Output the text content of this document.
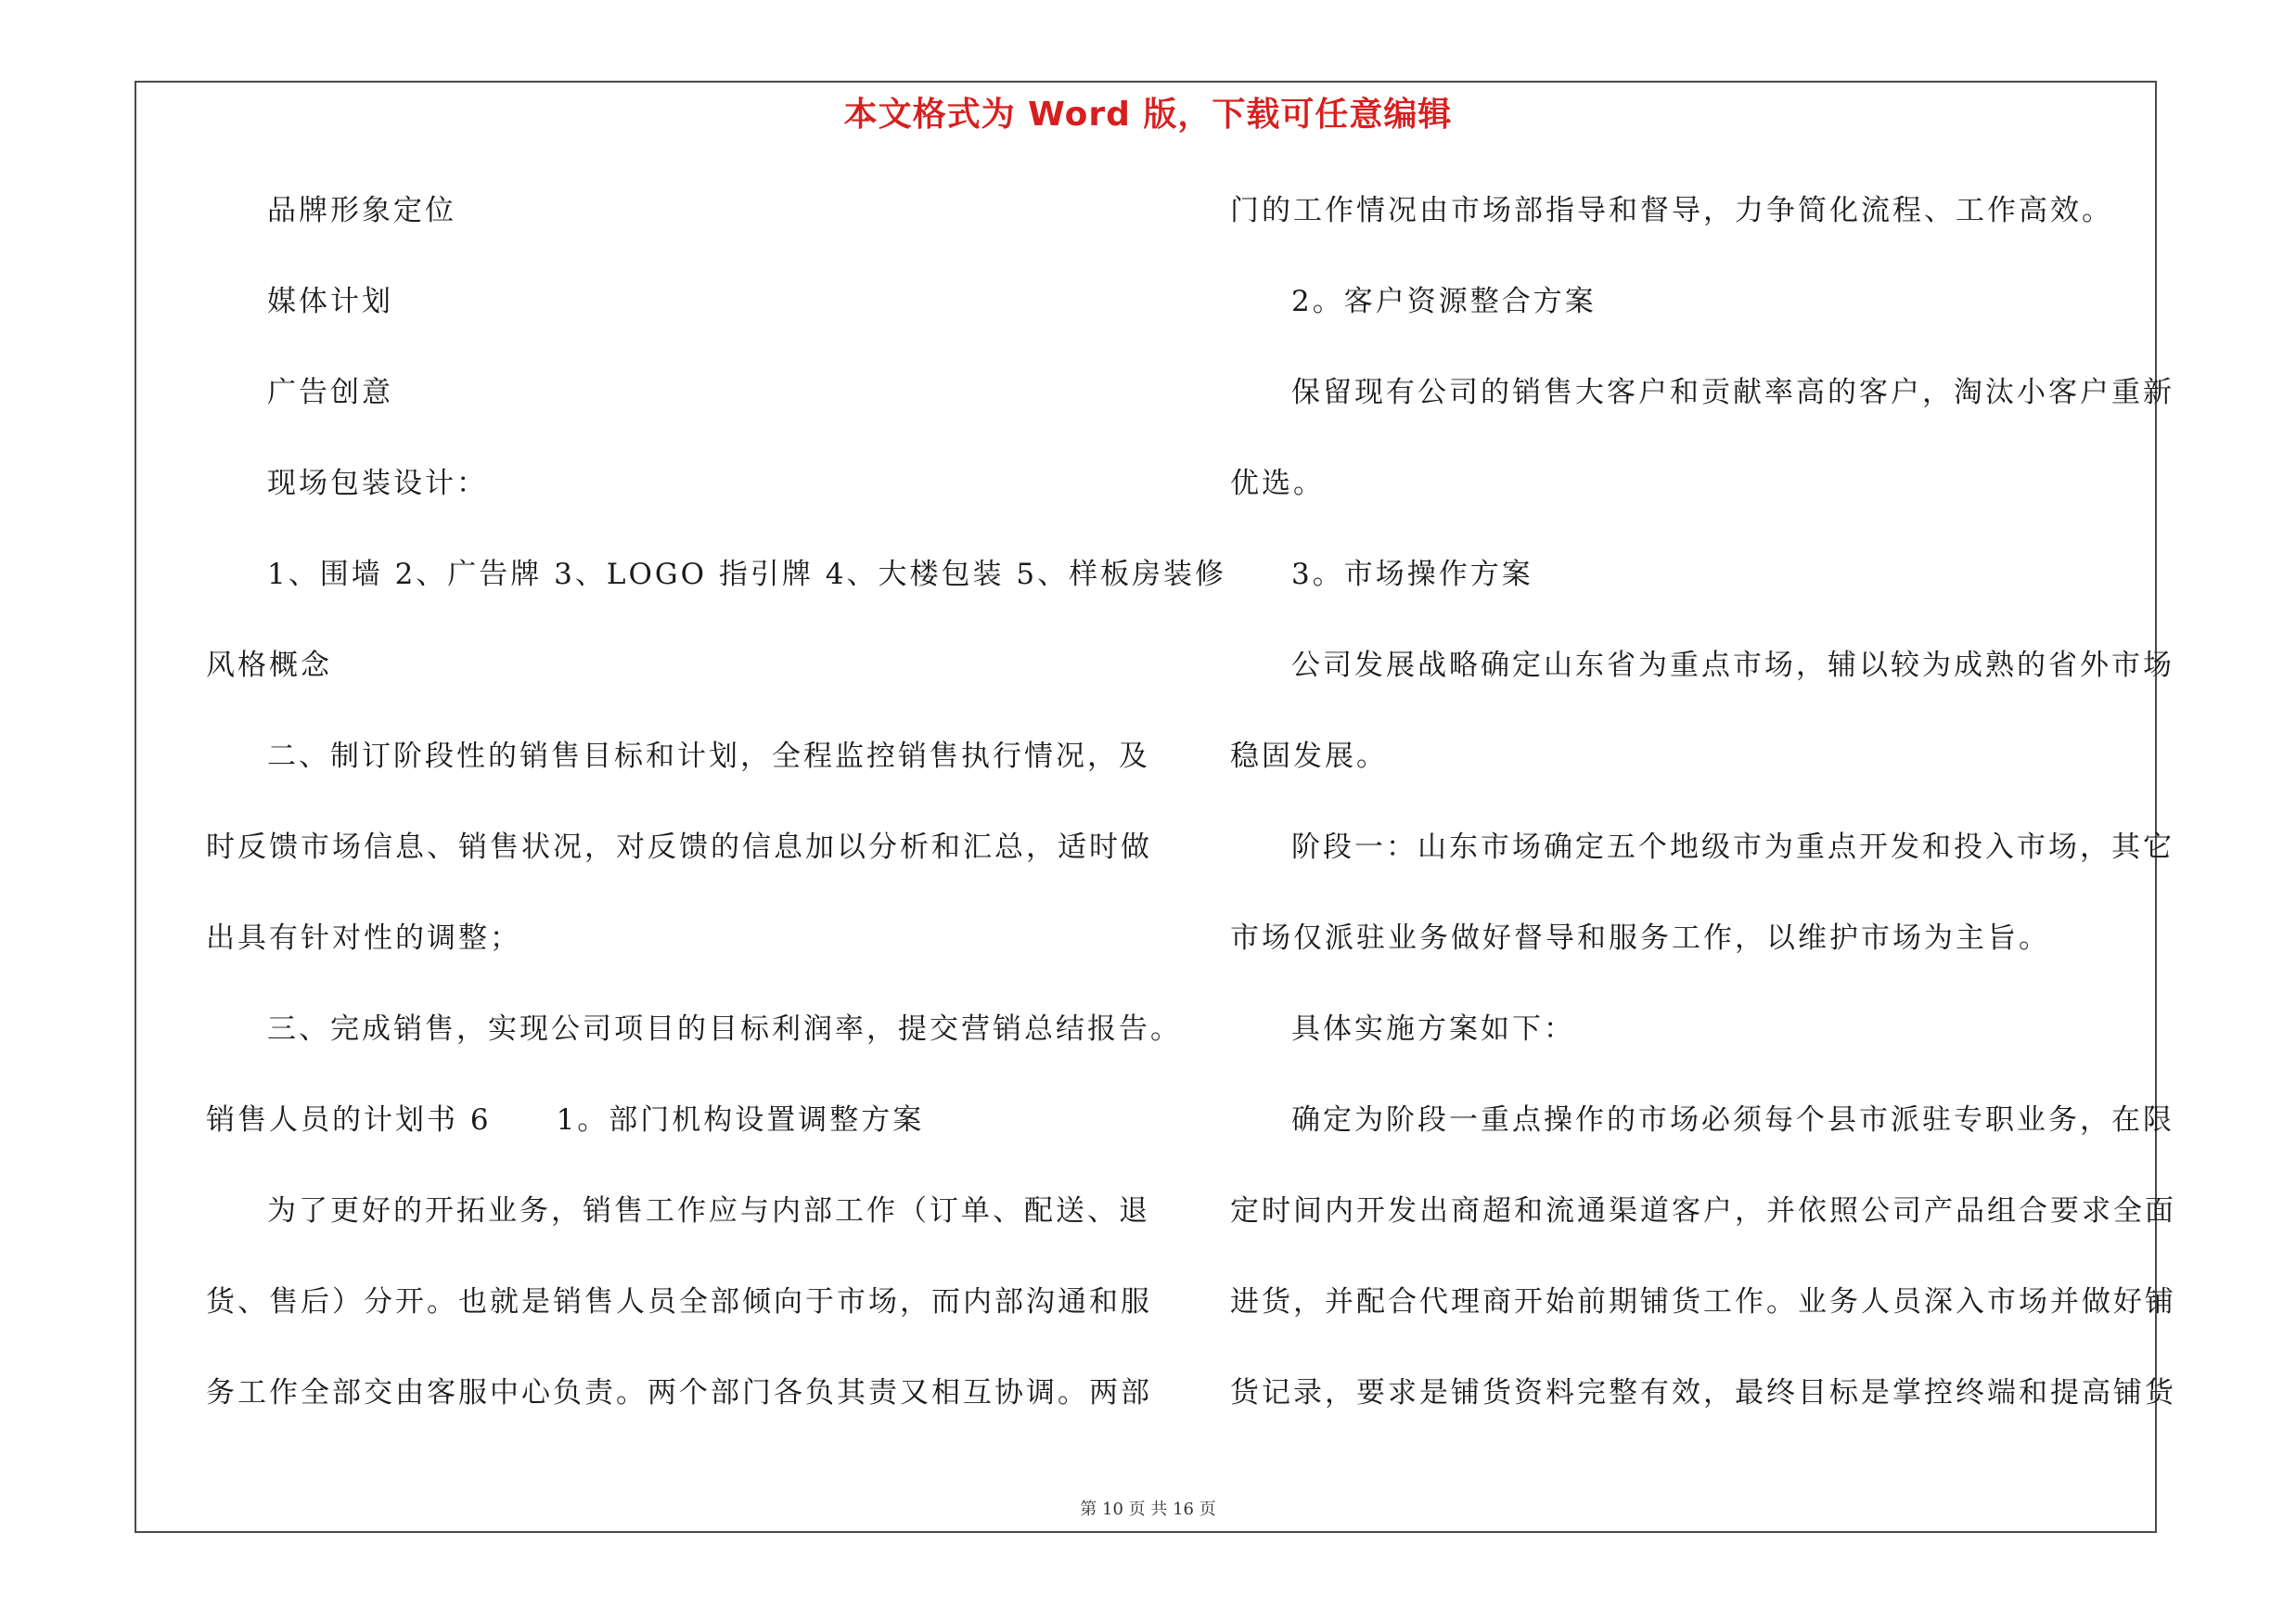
本文格式为 Word 版，下载可任意编辑
品牌形象定位
媒体计划
广告创意
现场包装设计：
1、围墙 2、广告牌 3、LOGO 指引牌 4、大楼包装 5、样板房装修
风格概念
二、制订阶段性的销售目标和计划，全程监控销售执行情况，及
时反馈市场信息、销售状况，对反馈的信息加以分析和汇总，适时做
出具有针对性的调整；
三、完成销售，实现公司项目的目标利润率，提交营销总结报告。
销售人员的计划书 6 1。部门机构设置调整方案
为了更好的开拓业务，销售工作应与内部工作（订单、配送、退
货、售后）分开。也就是销售人员全部倾向于市场，而内部沟通和服
务工作全部交由客服中心负责。两个部门各负其责又相互协调。两部
门的工作情况由市场部指导和督导，力争简化流程、工作高效。
2。客户资源整合方案
保留现有公司的销售大客户和贡献率高的客户，淘汰小客户重新
优选。
3。市场操作方案
公司发展战略确定山东省为重点市场，辅以较为成熟的省外市场
稳固发展。
阶段一：山东市场确定五个地级市为重点开发和投入市场，其它
市场仅派驻业务做好督导和服务工作，以维护市场为主旨。
具体实施方案如下：
确定为阶段一重点操作的市场必须每个县市派驻专职业务，在限
定时间内开发出商超和流通渠道客户，并依照公司产品组合要求全面
进货，并配合代理商开始前期铺货工作。业务人员深入市场并做好铺
货记录，要求是铺货资料完整有效，最终目标是掌控终端和提高铺货
第 10 页 共 16 页
